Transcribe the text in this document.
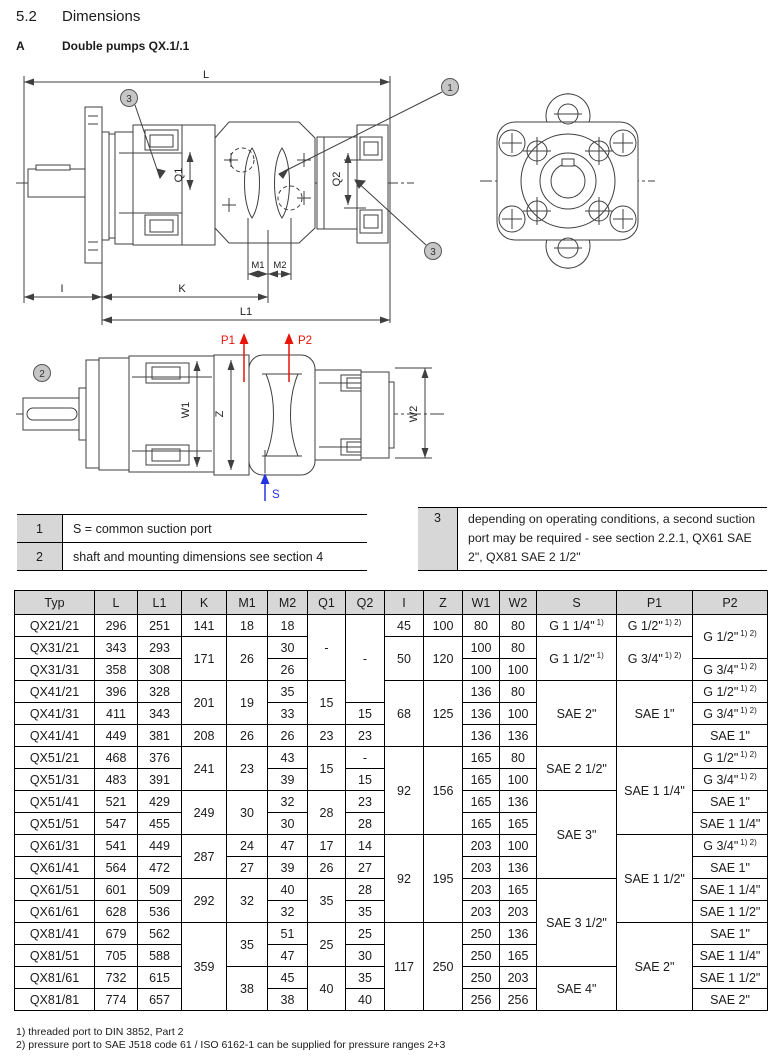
5.2 Dimensions
A	Double pumps QX.1/.1
3
1
3
L
I	K
L1
M1 M2
Q1	Q2
P1	P2
S
2
W1 Z	W2
1	S = common suction port
2	shaft and mounting dimensions see section 4
3	depending on operating conditions, a second suction port may be required - see section 2.2.1, QX61 SAE 2", QX81 SAE 2 1/2"
Typ	L	L1	K	M1	M2	Q1	Q2	I	Z	W1	W2	S	P1	P2
QX21/21	296	251	141	18	18	-	-	45	100	80	80	G 1 1/4" $^{1)}$	G 1/2" $^{1) 2)}$	G 1/2" $^{1) 2)}$
QX31/21	343	293	171	26	30			50	120	100	80	G 1 1/2" $^{1)}$	G 3/4" $^{1) 2)}$
QX31/31	358	308			26					100	100			G 3/4" $^{1) 2)}$
QX41/21	396	328	201	19	35	15		68	125	136	80	SAE 2"	SAE 1"	G 1/2" $^{1) 2)}$
QX41/31	411	343			33		15			136	100			G 3/4" $^{1) 2)}$
QX41/41	449	381	208	26	26	23	23			136	136			SAE 1"
QX51/21	468	376	241	23	43	15	-	92	156	165	80	SAE 2 1/2"	SAE 1 1/4"	G 1/2" $^{1) 2)}$
QX51/31	483	391			39		15			165	100			G 3/4" $^{1) 2)}$
QX51/41	521	429	249	30	32	28	23			165	136	SAE 3"		SAE 1"
QX51/51	547	455			30		28			165	165			SAE 1 1/4"
QX61/31	541	449	287	24	47	17	14	92	195	203	100		SAE 1 1/2"	G 3/4" $^{1) 2)}$
QX61/41	564	472		27	39	26	27			203	136			SAE 1"
QX61/51	601	509	292	32	40	35	28			203	165	SAE 3 1/2"		SAE 1 1/4"
QX61/61	628	536			32		35			203	203			SAE 1 1/2"
QX81/41	679	562	359	35	51	25	25	117	250	250	136		SAE 2"	SAE 1"
QX81/51	705	588			47		30			250	165			SAE 1 1/4"
QX81/61	732	615		38	45	40	35			250	203	SAE 4"		SAE 1 1/2"
QX81/81	774	657			38		40			256	256			SAE 2"
1) threaded port to DIN 3852, Part 2
2) pressure port to SAE J518 code 61 / ISO 6162-1 can be supplied for pressure ranges 2+3
